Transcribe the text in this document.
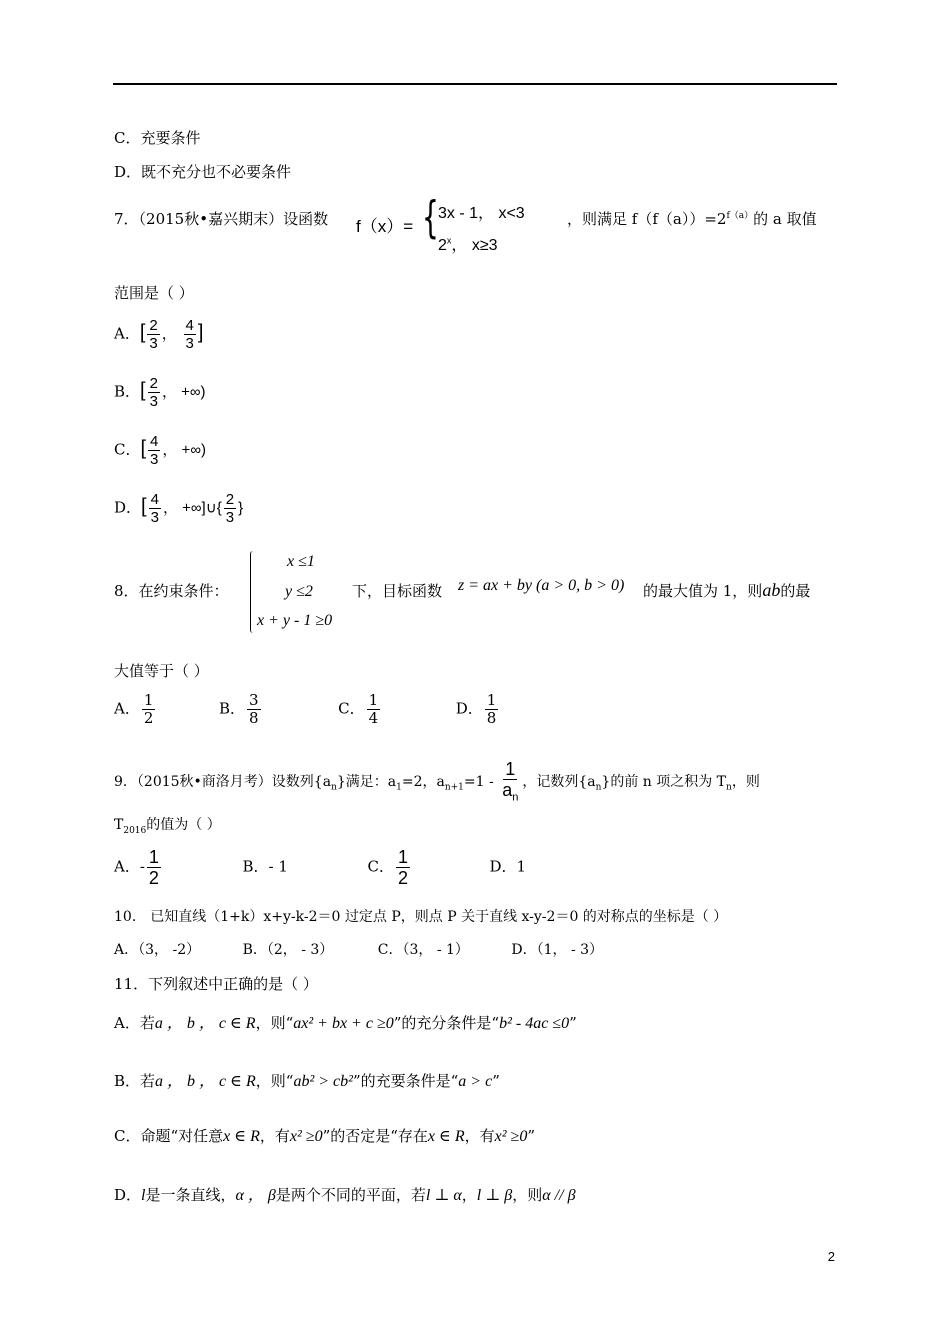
C．充要条件
D．既不充分也不必要条件
7．（2015秋•嘉兴期末）设函数 f（x）= { 3x - 1， x<3
2$^x$， x≥3
，则满足 $f(f(a))=2^{f(a)}$的 a 取值
范围是（ ）
A．[ $\frac{2}{3}$ ， $\frac{4}{3}$ ]
B．[ $\frac{2}{3}$ ， +∞)
C．[ $\frac{4}{3}$ ， +∞)
D．[ $\frac{4}{3}$ ， +∞]∪{ $\frac{2}{3}$ }
8．在约束条件：
x ≤1
y ≤2
x + y - 1 ≥0
下，目标函数 z = ax + by (a > 0, b > 0) 的最大值为 1，则ab的最
大值等于（ ）
A． $\frac{1}{2}$	B． $\frac{3}{8}$	C． $\frac{1}{4}$	D． $\frac{1}{8}$
9．（2015秋•商洛月考）设数列$\{a_n\}$满足：$a_1=2$，$a_{n+1}=1 - \frac{1}{a_n}$ ，记数列$\{a_n\}$的前 n 项之积为 $T_n$，则
$T_{2016}$的值为（ ）
A．- $\frac{1}{2}$	B．- 1	C． $\frac{1}{2}$	D．1
10． 已知直线（1+k）x+y-k-2＝0 过定点 P，则点 P 关于直线 x-y-2＝0 的对称点的坐标是（ ）
A．（3， -2）	B．（2， - 3）	C．（3， - 1）	D．（1， - 3）
11．下列叙述中正确的是（ ）
A．若a ， b ， c ∈ R，则“ax² + bx + c ≥0”的充分条件是“b² - 4ac ≤0”
B．若a ， b ， c ∈ R，则“ab² > cb²”的充要条件是“a > c”
C．命题“对任意x ∈ R，有x² ≥0”的否定是“存在x ∈ R，有x² ≥0”
D．l是一条直线，α ， β是两个不同的平面，若l ⊥ α，l ⊥ β，则α // β
2
